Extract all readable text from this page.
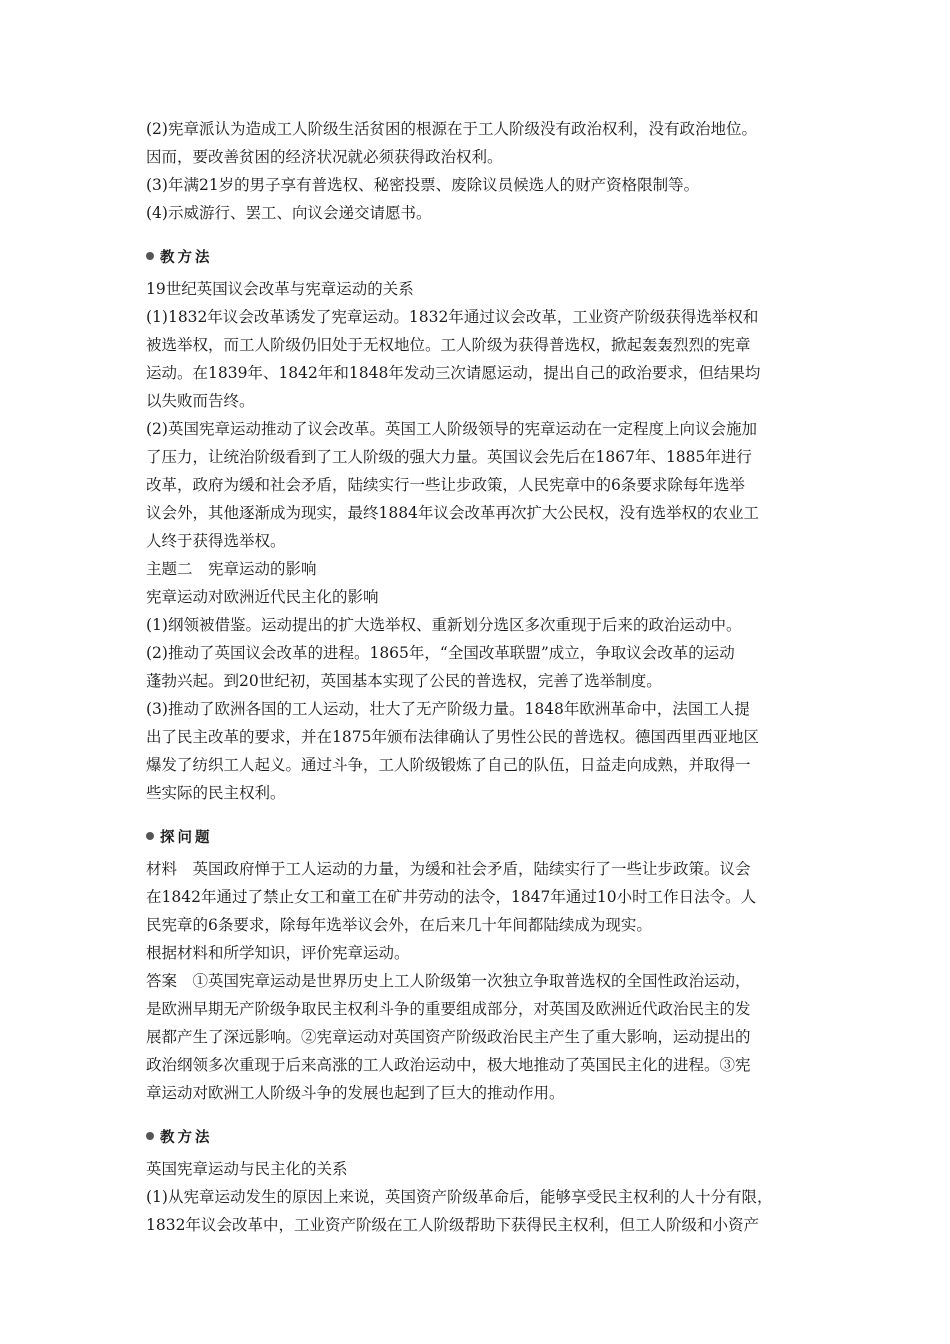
(2)宪章派认为造成工人阶级生活贫困的根源在于工人阶级没有政治权利，没有政治地位。

因而，要改善贫困的经济状况就必须获得政治权利。

(3)年满21岁的男子享有普选权、秘密投票、废除议员候选人的财产资格限制等。

(4)示威游行、罢工、向议会递交请愿书。

教方法

19世纪英国议会改革与宪章运动的关系

(1)1832年议会改革诱发了宪章运动。1832年通过议会改革，工业资产阶级获得选举权和

被选举权，而工人阶级仍旧处于无权地位。工人阶级为获得普选权，掀起轰轰烈烈的宪章

运动。在1839年、1842年和1848年发动三次请愿运动，提出自己的政治要求，但结果均

以失败而告终。

(2)英国宪章运动推动了议会改革。英国工人阶级领导的宪章运动在一定程度上向议会施加

了压力，让统治阶级看到了工人阶级的强大力量。英国议会先后在1867年、1885年进行

改革，政府为缓和社会矛盾，陆续实行一些让步政策，人民宪章中的6条要求除每年选举

议会外，其他逐渐成为现实，最终1884年议会改革再次扩大公民权，没有选举权的农业工

人终于获得选举权。

主题二　宪章运动的影响

宪章运动对欧洲近代民主化的影响

(1)纲领被借鉴。运动提出的扩大选举权、重新划分选区多次重现于后来的政治运动中。

(2)推动了英国议会改革的进程。1865年，“全国改革联盟”成立，争取议会改革的运动

蓬勃兴起。到20世纪初，英国基本实现了公民的普选权，完善了选举制度。

(3)推动了欧洲各国的工人运动，壮大了无产阶级力量。1848年欧洲革命中，法国工人提

出了民主改革的要求，并在1875年颁布法律确认了男性公民的普选权。德国西里西亚地区

爆发了纺织工人起义。通过斗争，工人阶级锻炼了自己的队伍，日益走向成熟，并取得一

些实际的民主权利。

探问题

材料　英国政府惮于工人运动的力量，为缓和社会矛盾，陆续实行了一些让步政策。议会

在1842年通过了禁止女工和童工在矿井劳动的法令，1847年通过10小时工作日法令。人

民宪章的6条要求，除每年选举议会外，在后来几十年间都陆续成为现实。

根据材料和所学知识，评价宪章运动。

答案　①英国宪章运动是世界历史上工人阶级第一次独立争取普选权的全国性政治运动，

是欧洲早期无产阶级争取民主权利斗争的重要组成部分，对英国及欧洲近代政治民主的发

展都产生了深远影响。②宪章运动对英国资产阶级政治民主产生了重大影响，运动提出的

政治纲领多次重现于后来高涨的工人政治运动中，极大地推动了英国民主化的进程。③宪

章运动对欧洲工人阶级斗争的发展也起到了巨大的推动作用。

教方法

英国宪章运动与民主化的关系

(1)从宪章运动发生的原因上来说，英国资产阶级革命后，能够享受民主权利的人十分有限，

1832年议会改革中，工业资产阶级在工人阶级帮助下获得民主权利，但工人阶级和小资产
